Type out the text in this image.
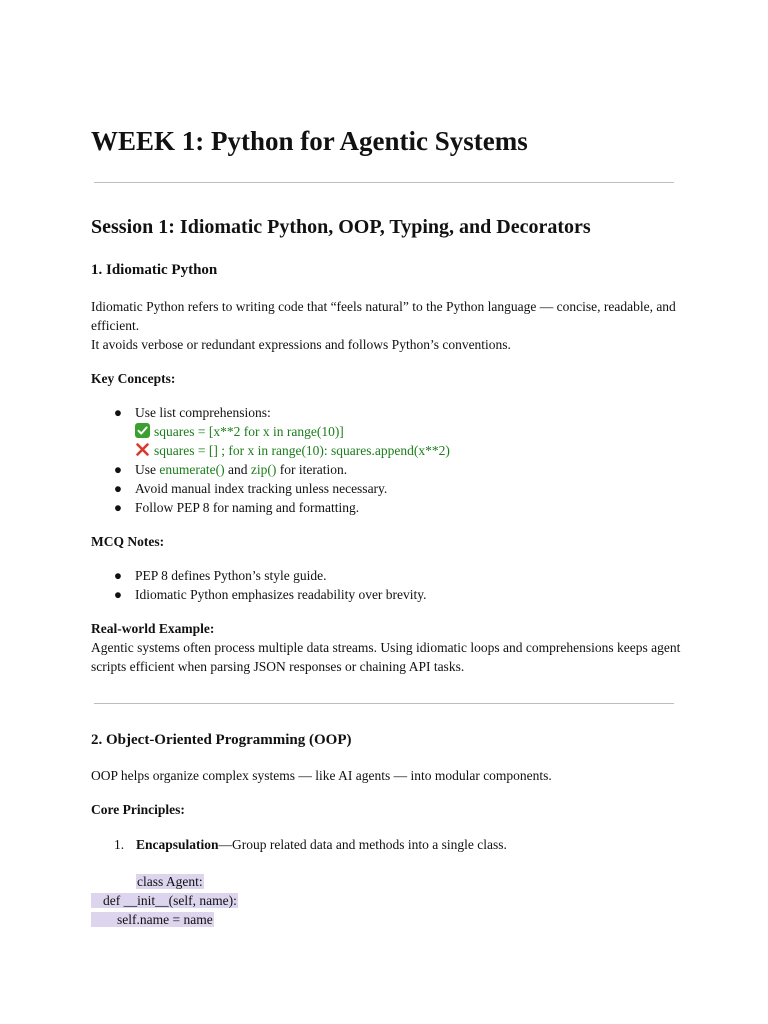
WEEK 1: Python for Agentic Systems
Session 1: Idiomatic Python, OOP, Typing, and Decorators
1. Idiomatic Python
Idiomatic Python refers to writing code that “feels natural” to the Python language — concise, readable, and efficient.
It avoids verbose or redundant expressions and follows Python’s conventions.
Key Concepts:
● Use list comprehensions:
squares = [x**2 for x in range(10)]
squares = [] ; for x in range(10): squares.append(x**2)
● Use enumerate() and zip() for iteration.
● Avoid manual index tracking unless necessary.
● Follow PEP 8 for naming and formatting.
MCQ Notes:
● PEP 8 defines Python’s style guide.
● Idiomatic Python emphasizes readability over brevity.
Real-world Example:
Agentic systems often process multiple data streams. Using idiomatic loops and comprehensions keeps agent scripts efficient when parsing JSON responses or chaining API tasks.
2. Object-Oriented Programming (OOP)
OOP helps organize complex systems — like AI agents — into modular components.
Core Principles:
1. Encapsulation—Group related data and methods into a single class.
class Agent:
def __init__(self, name):
self.name = name
